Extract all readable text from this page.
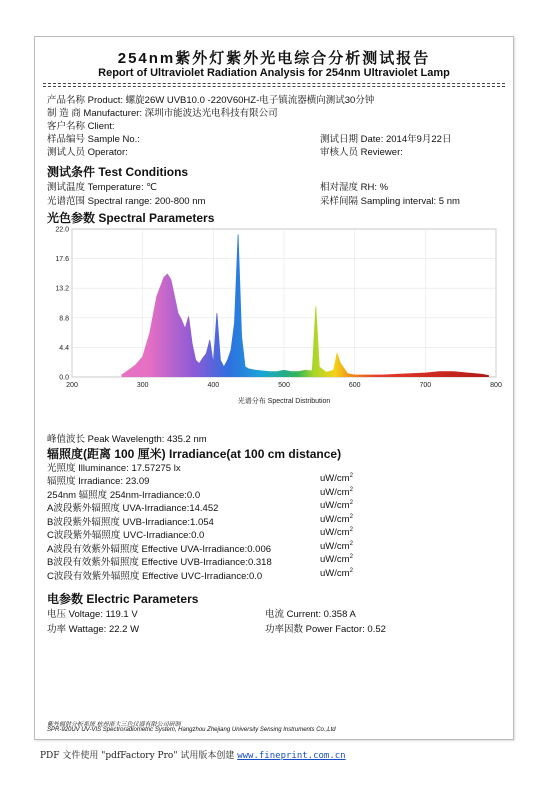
254nm紫外灯紫外光电综合分析测试报告
Report of Ultraviolet Radiation Analysis for 254nm Ultraviolet Lamp
产品名称 Product: 螺旋26W UVB10.0 -220V60HZ-电子镇流器横向测试30分钟
制 造 商 Manufacturer: 深圳市能波达光电科技有限公司
客户名称 Client:
样品编号 Sample No.:	测试日期 Date: 2014年9月22日
测试人员 Operator:	审核人员 Reviewer:
测试条件 Test Conditions
测试温度 Temperature: ℃	相对湿度 RH: %
光谱范围 Spectral range: 200-800 nm	采样间隔 Sampling interval: 5 nm
光色参数 Spectral Parameters
22.0
17.6
13.2
8.8
4.4
0.0
200	300	400	500	600	700	800
光谱分布 Spectral Distribution
峰值波长 Peak Wavelength: 435.2 nm
辐照度(距离 100 厘米) Irradiance(at 100 cm distance)
光照度 Illuminance: 17.57275 lx
电参数 Electric Parameters
电压 Voltage: 119.1 V	电流 Current: 0.358 A
功率 Wattage: 22.2 W	功率因数 Power Factor: 0.52
紫外辐射分析系统 杭州浙大三色仪器有限公司研制
SPR-920UV UV-VIS Spectroradiometric System, Hangzhou Zhejiang University Sensing Instruments Co.,Ltd
辐照度 Irradiance: 23.09	$uW/cm^2$
254nm 辐照度 254nm-Irradiance:0.0	$uW/cm^2$
A波段紫外辐照度 UVA-Irradiance:14.452	$uW/cm^2$
B波段紫外辐照度 UVB-Irradiance:1.054	$uW/cm^2$
C波段紫外辐照度 UVC-Irradiance:0.0	$uW/cm^2$
A波段有效紫外辐照度 Effective UVA-Irradiance:0.006	$uW/cm^2$
B波段有效紫外辐照度 Effective UVB-Irradiance:0.318	$uW/cm^2$
C波段有效紫外辐照度 Effective UVC-Irradiance:0.0	$uW/cm^2$
PDF 文件使用 "pdfFactory Pro" 试用版本创建 www.fineprint.com.cn
